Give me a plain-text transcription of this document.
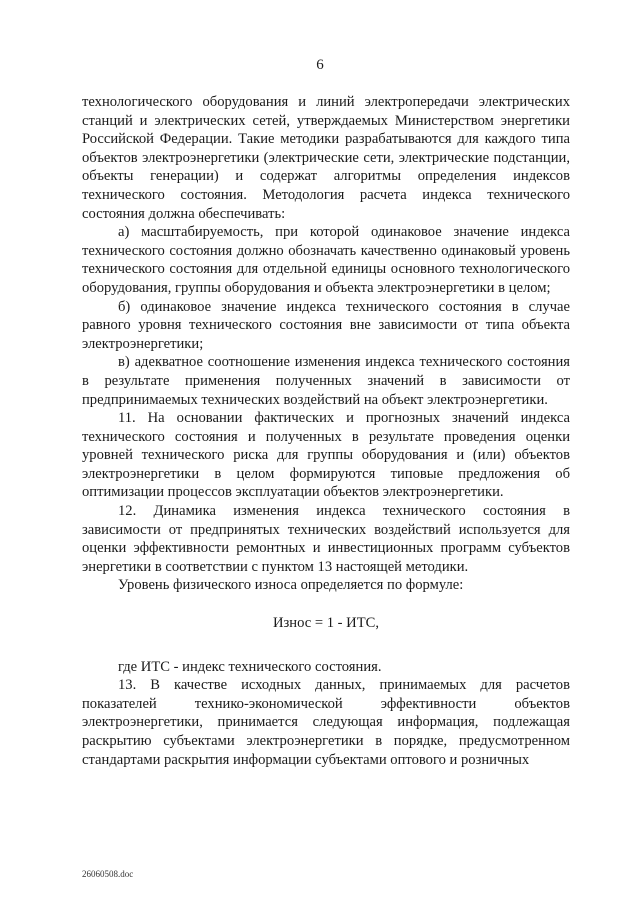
6

технологического оборудования и линий электропередачи электрических станций и электрических сетей, утверждаемых Министерством энергетики Российской Федерации. Такие методики разрабатываются для каждого типа объектов электроэнергетики (электрические сети, электрические подстанции, объекты генерации) и содержат алгоритмы определения индексов технического состояния. Методология расчета индекса технического состояния должна обеспечивать:

а) масштабируемость, при которой одинаковое значение индекса технического состояния должно обозначать качественно одинаковый уровень технического состояния для отдельной единицы основного технологического оборудования, группы оборудования и объекта электроэнергетики в целом;

б) одинаковое значение индекса технического состояния в случае равного уровня технического состояния вне зависимости от типа объекта электроэнергетики;

в) адекватное соотношение изменения индекса технического состояния в результате применения полученных значений в зависимости от предпринимаемых технических воздействий на объект электроэнергетики.

11. На основании фактических и прогнозных значений индекса технического состояния и полученных в результате проведения оценки уровней технического риска для группы оборудования и (или) объектов электроэнергетики в целом формируются типовые предложения об оптимизации процессов эксплуатации объектов электроэнергетики.

12. Динамика изменения индекса технического состояния в зависимости от предпринятых технических воздействий используется для оценки эффективности ремонтных и инвестиционных программ субъектов энергетики в соответствии с пунктом 13 настоящей методики.

Уровень физического износа определяется по формуле:

Износ = 1 - ИТС,

где ИТС - индекс технического состояния.

13. В качестве исходных данных, принимаемых для расчетов показателей технико-экономической эффективности объектов электроэнергетики, принимается следующая информация, подлежащая раскрытию субъектами электроэнергетики в порядке, предусмотренном стандартами раскрытия информации субъектами оптового и розничных

26060508.doc
